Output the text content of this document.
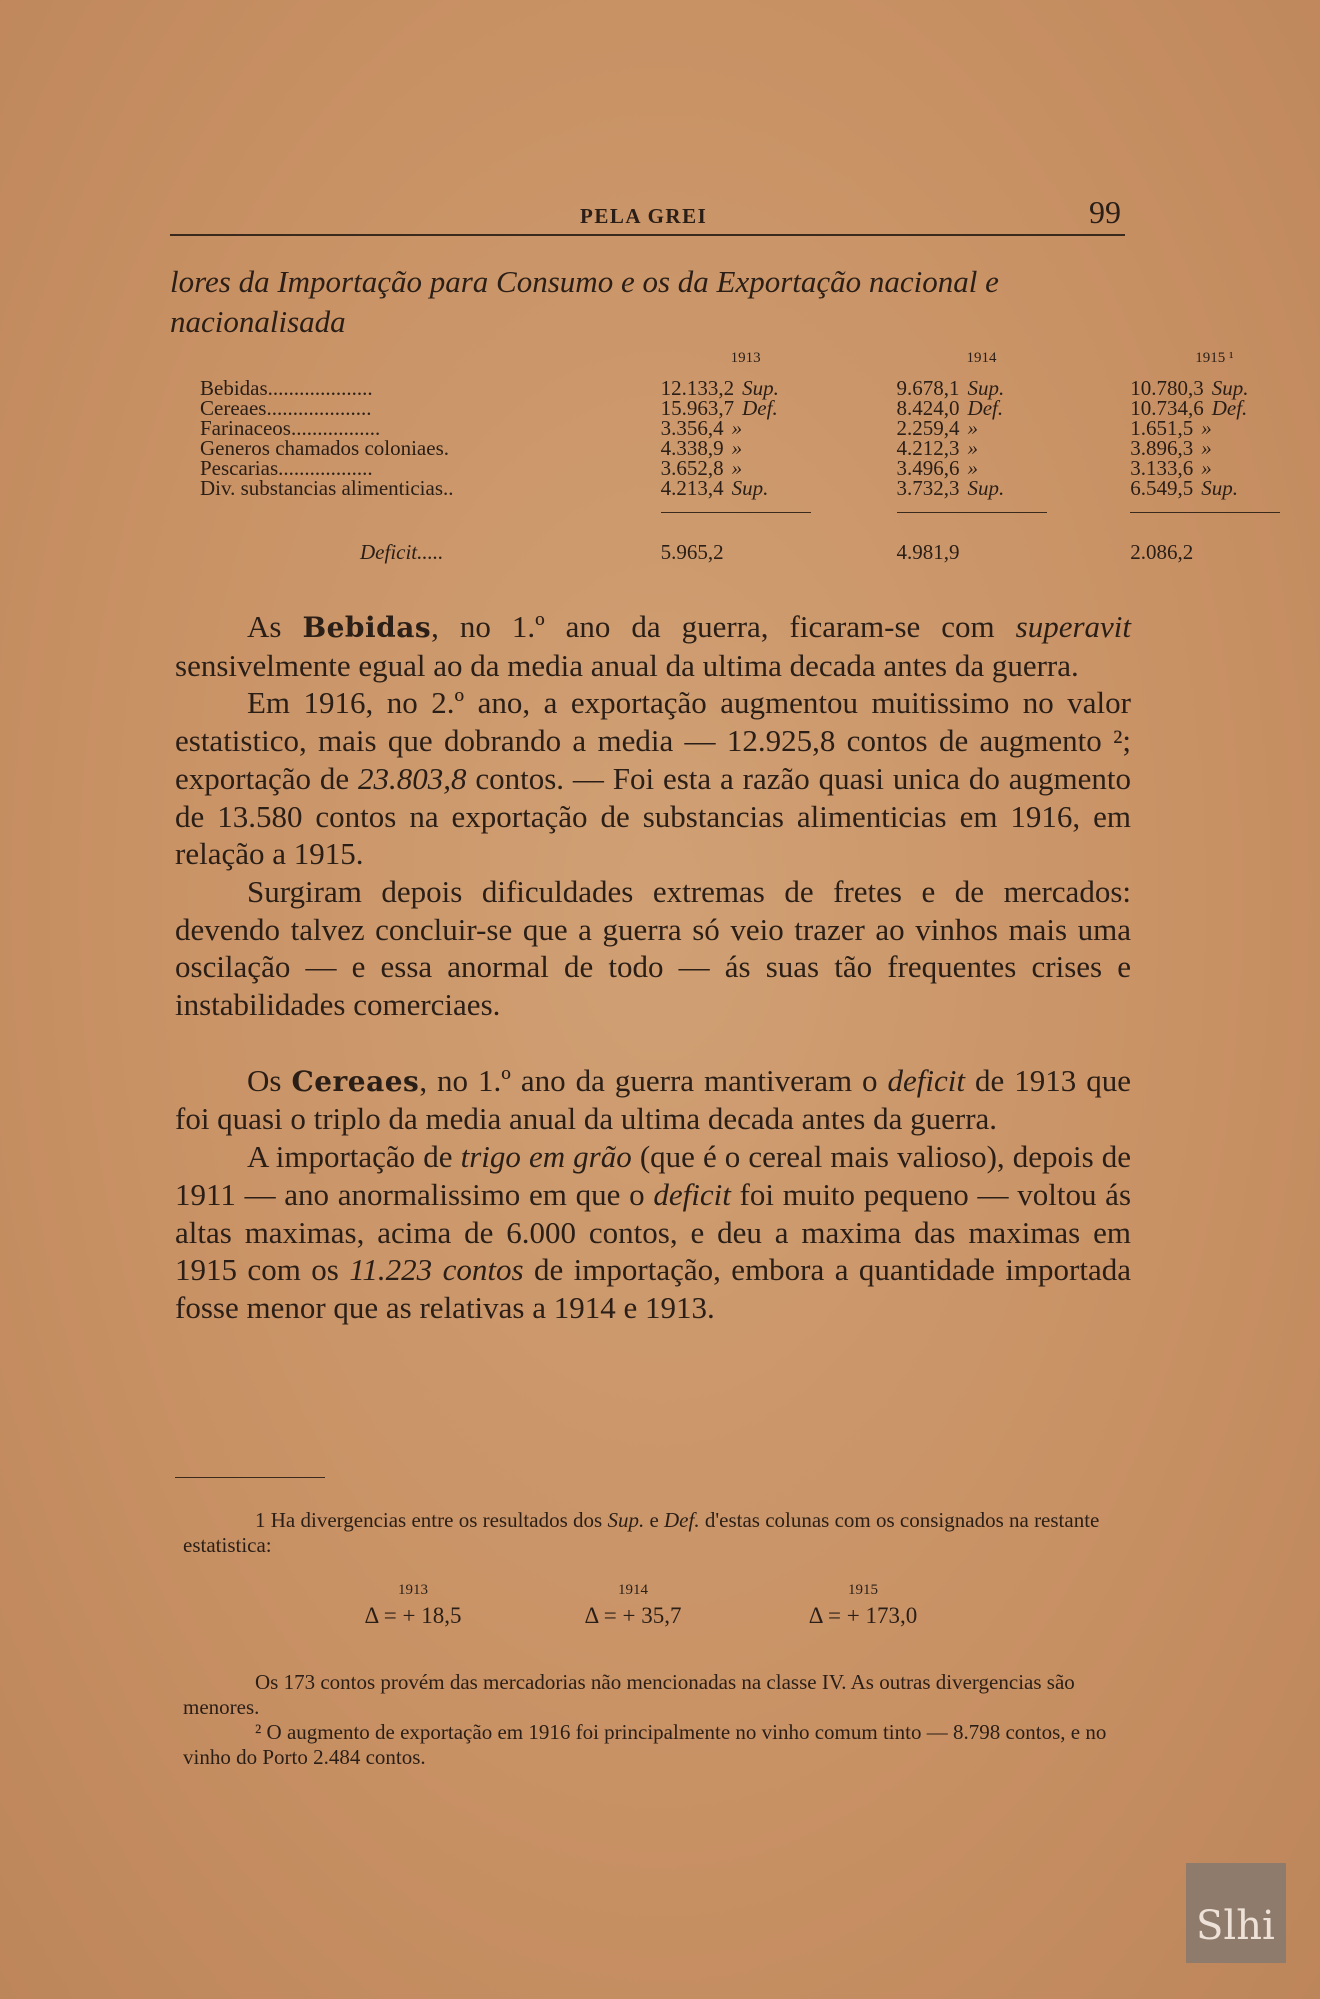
PELA GREI	99
lores da Importação para Consumo e os da Exportação nacional e nacionalisada
	1913	1914	1915 ¹
Bebidas....................	12.133,2 Sup.	9.678,1 Sup.	10.780,3 Sup.
Cereaes....................	15.963,7 Def.	8.424,0 Def.	10.734,6 Def.
Farinaceos.................	3.356,4 »	2.259,4 »	1.651,5 »
Generos chamados coloniaes.	4.338,9 »	4.212,3 »	3.896,3 »
Pescarias..................	3.652,8 »	3.496,6 »	3.133,6 »
Div. substancias alimenticias..	4.213,4 Sup.	3.732,3 Sup.	6.549,5 Sup.

Deficit.....	5.965,2	4.981,9	2.086,2

As Bebidas, no 1.º ano da guerra, ficaram-se com superavit sensivelmente egual ao da media anual da ultima decada antes da guerra.

Em 1916, no 2.º ano, a exportação augmentou muitissimo no valor estatistico, mais que dobrando a media — 12.925,8 contos de augmento ²; exportação de 23.803,8 contos. — Foi esta a razão quasi unica do augmento de 13.580 contos na exportação de substancias alimenticias em 1916, em relação a 1915.

Surgiram depois dificuldades extremas de fretes e de mercados: devendo talvez concluir-se que a guerra só veio trazer ao vinhos mais uma oscilação — e essa anormal de todo — ás suas tão frequentes crises e instabilidades comerciaes.

Os Cereaes, no 1.º ano da guerra mantiveram o deficit de 1913 que foi quasi o triplo da media anual da ultima decada antes da guerra.

A importação de trigo em grão (que é o cereal mais valioso), depois de 1911 — ano anormalissimo em que o deficit foi muito pequeno — voltou ás altas maximas, acima de 6.000 contos, e deu a maxima das maximas em 1915 com os 11.223 contos de importação, embora a quantidade importada fosse menor que as relativas a 1914 e 1913.

1 Ha divergencias entre os resultados dos Sup. e Def. d'estas colunas com os consignados na restante estatistica:

1913
Δ = + 18,5
1914
Δ = + 35,7
1915
Δ = + 173,0

Os 173 contos provém das mercadorias não mencionadas na classe IV. As outras divergencias são menores.

² O augmento de exportação em 1916 foi principalmente no vinho comum tinto — 8.798 contos, e no vinho do Porto 2.484 contos.

Slhi
